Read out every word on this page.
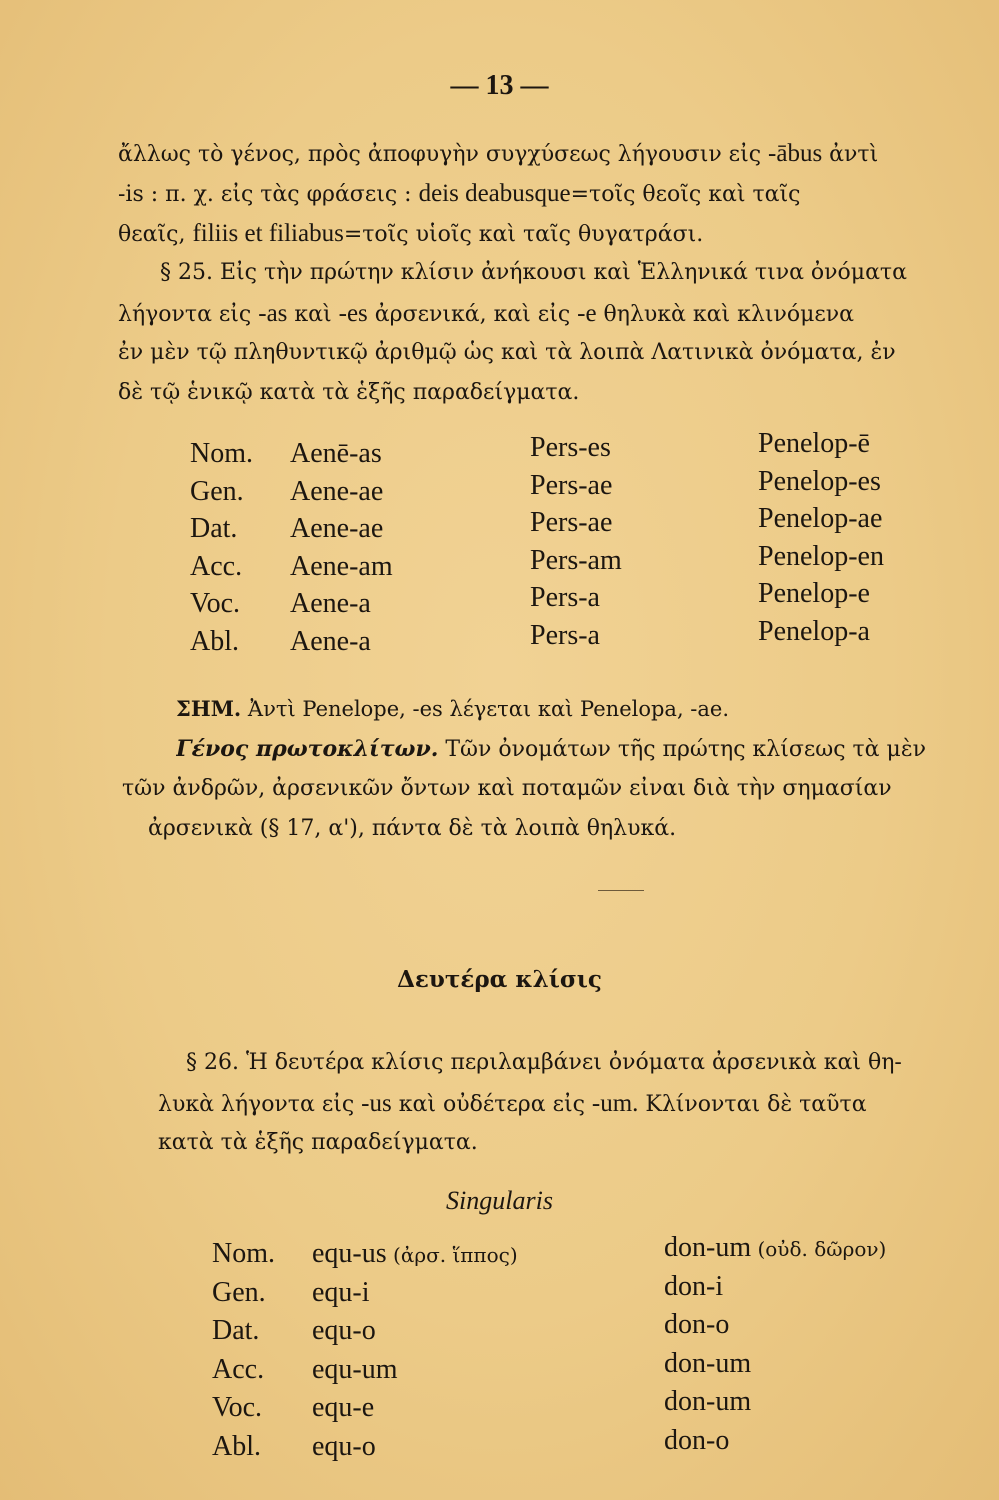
— 13 —
ἄλλως τὸ γένος, πρὸς ἀποφυγὴν συγχύσεως λήγουσιν εἰς -ābus ἀντὶ
-is : π. χ. εἰς τὰς φράσεις : deis deabusque=τοῖς θεοῖς καὶ ταῖς
θεαῖς, filiis et filiabus=τοῖς υἱοῖς καὶ ταῖς θυγατράσι.
§ 25. Εἰς τὴν πρώτην κλίσιν ἀνήκουσι καὶ Ἑλληνικά τινα ὀνόματα
λήγοντα εἰς -as καὶ -es ἀρσενικά, καὶ εἰς -e θηλυκὰ καὶ κλινόμενα
ἐν μὲν τῷ πληθυντικῷ ἀριθμῷ ὡς καὶ τὰ λοιπὰ Λατινικὰ ὀνόματα, ἐν
δὲ τῷ ἑνικῷ κατὰ τὰ ἑξῆς παραδείγματα.
Nom.
Gen.
Dat.
Acc.
Voc.
Abl.
Aenē-as
Aene-ae
Aene-ae
Aene-am
Aene-a
Aene-a
Pers-es
Pers-ae
Pers-ae
Pers-am
Pers-a
Pers-a
Penelop-ē
Penelop-es
Penelop-ae
Penelop-en
Penelop-e
Penelop-a
ΣΗΜ. Ἀντὶ Penelope, -es λέγεται καὶ Penelopa, -ae.
Γένος πρωτοκλίτων. Τῶν ὀνομάτων τῆς πρώτης κλίσεως τὰ μὲν
τῶν ἀνδρῶν, ἀρσενικῶν ὄντων καὶ ποταμῶν εἶναι διὰ τὴν σημασίαν
ἀρσενικὰ (§ 17, α'), πάντα δὲ τὰ λοιπὰ θηλυκά.
Δευτέρα κλίσις
§ 26. Ἡ δευτέρα κλίσις περιλαμβάνει ὀνόματα ἀρσενικὰ καὶ θη-
λυκὰ λήγοντα εἰς -us καὶ οὐδέτερα εἰς -um. Κλίνονται δὲ ταῦτα
κατὰ τὰ ἑξῆς παραδείγματα.
Singularis
Nom.
Gen.
Dat.
Acc.
Voc.
Abl.
equ-us (ἀρσ. ἵππος)
equ-i
equ-o
equ-um
equ-e
equ-o
don-um (οὐδ. δῶρον)
don-i
don-o
don-um
don-um
don-o
